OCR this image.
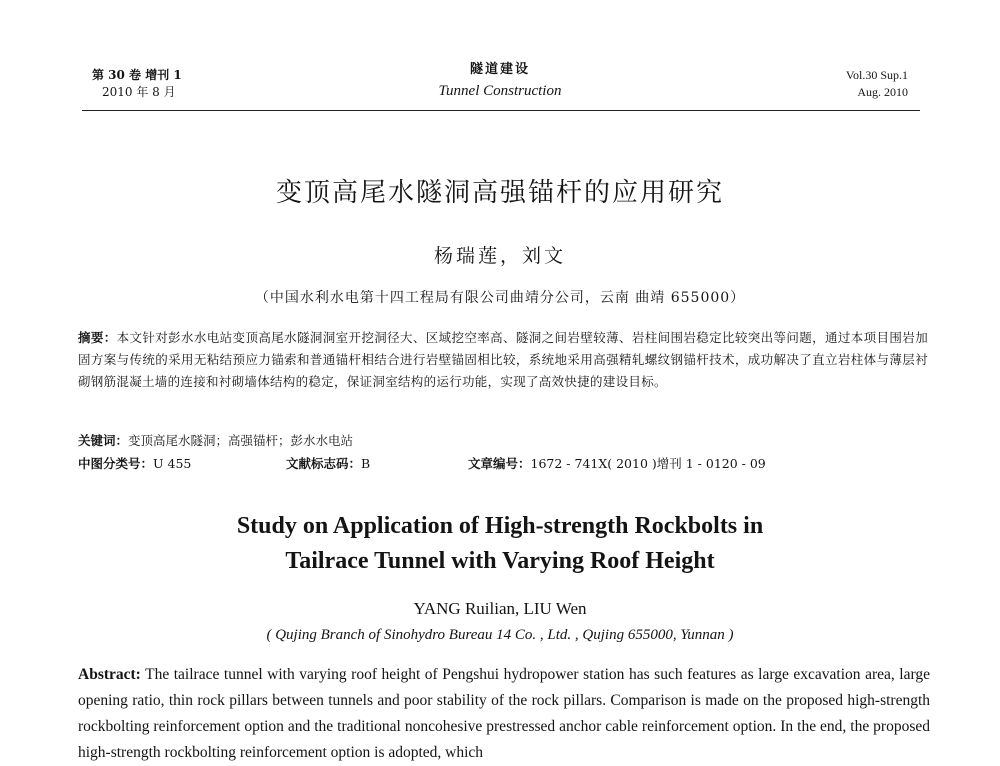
第 30 卷 增刊 1
2010 年 8 月
隧道建设
Tunnel Construction
Vol.30 Sup.1
Aug. 2010
变顶高尾水隧洞高强锚杆的应用研究
杨瑞莲，刘文
（中国水利水电第十四工程局有限公司曲靖分公司，云南 曲靖 655000）
摘要：本文针对彭水水电站变顶高尾水隧洞洞室开挖洞径大、区域挖空率高、隧洞之间岩壁较薄、岩柱间围岩稳定比较突出等问题，通过本项目围岩加固方案与传统的采用无粘结预应力锚索和普通锚杆相结合进行岩壁锚固相比较，系统地采用高强精轧螺纹钢锚杆技术，成功解决了直立岩柱体与薄层衬砌钢筋混凝土墙的连接和衬砌墙体结构的稳定，保证洞室结构的运行功能，实现了高效快捷的建设目标。
关键词：变顶高尾水隧洞；高强锚杆；彭水水电站
中图分类号：U 455	文献标志码：B	文章编号：1672 - 741X( 2010 )增刊 1 - 0120 - 09
Study on Application of High-strength Rockbolts in
Tailrace Tunnel with Varying Roof Height
YANG Ruilian, LIU Wen
( Qujing Branch of Sinohydro Bureau 14 Co. , Ltd. , Qujing 655000, Yunnan )
Abstract: The tailrace tunnel with varying roof height of Pengshui hydropower station has such features as large excavation area, large opening ratio, thin rock pillars between tunnels and poor stability of the rock pillars. Comparison is made on the proposed high-strength rockbolting reinforcement option and the traditional noncohesive prestressed anchor cable reinforcement option. In the end, the proposed high-strength rockbolting reinforcement option is adopted, which
